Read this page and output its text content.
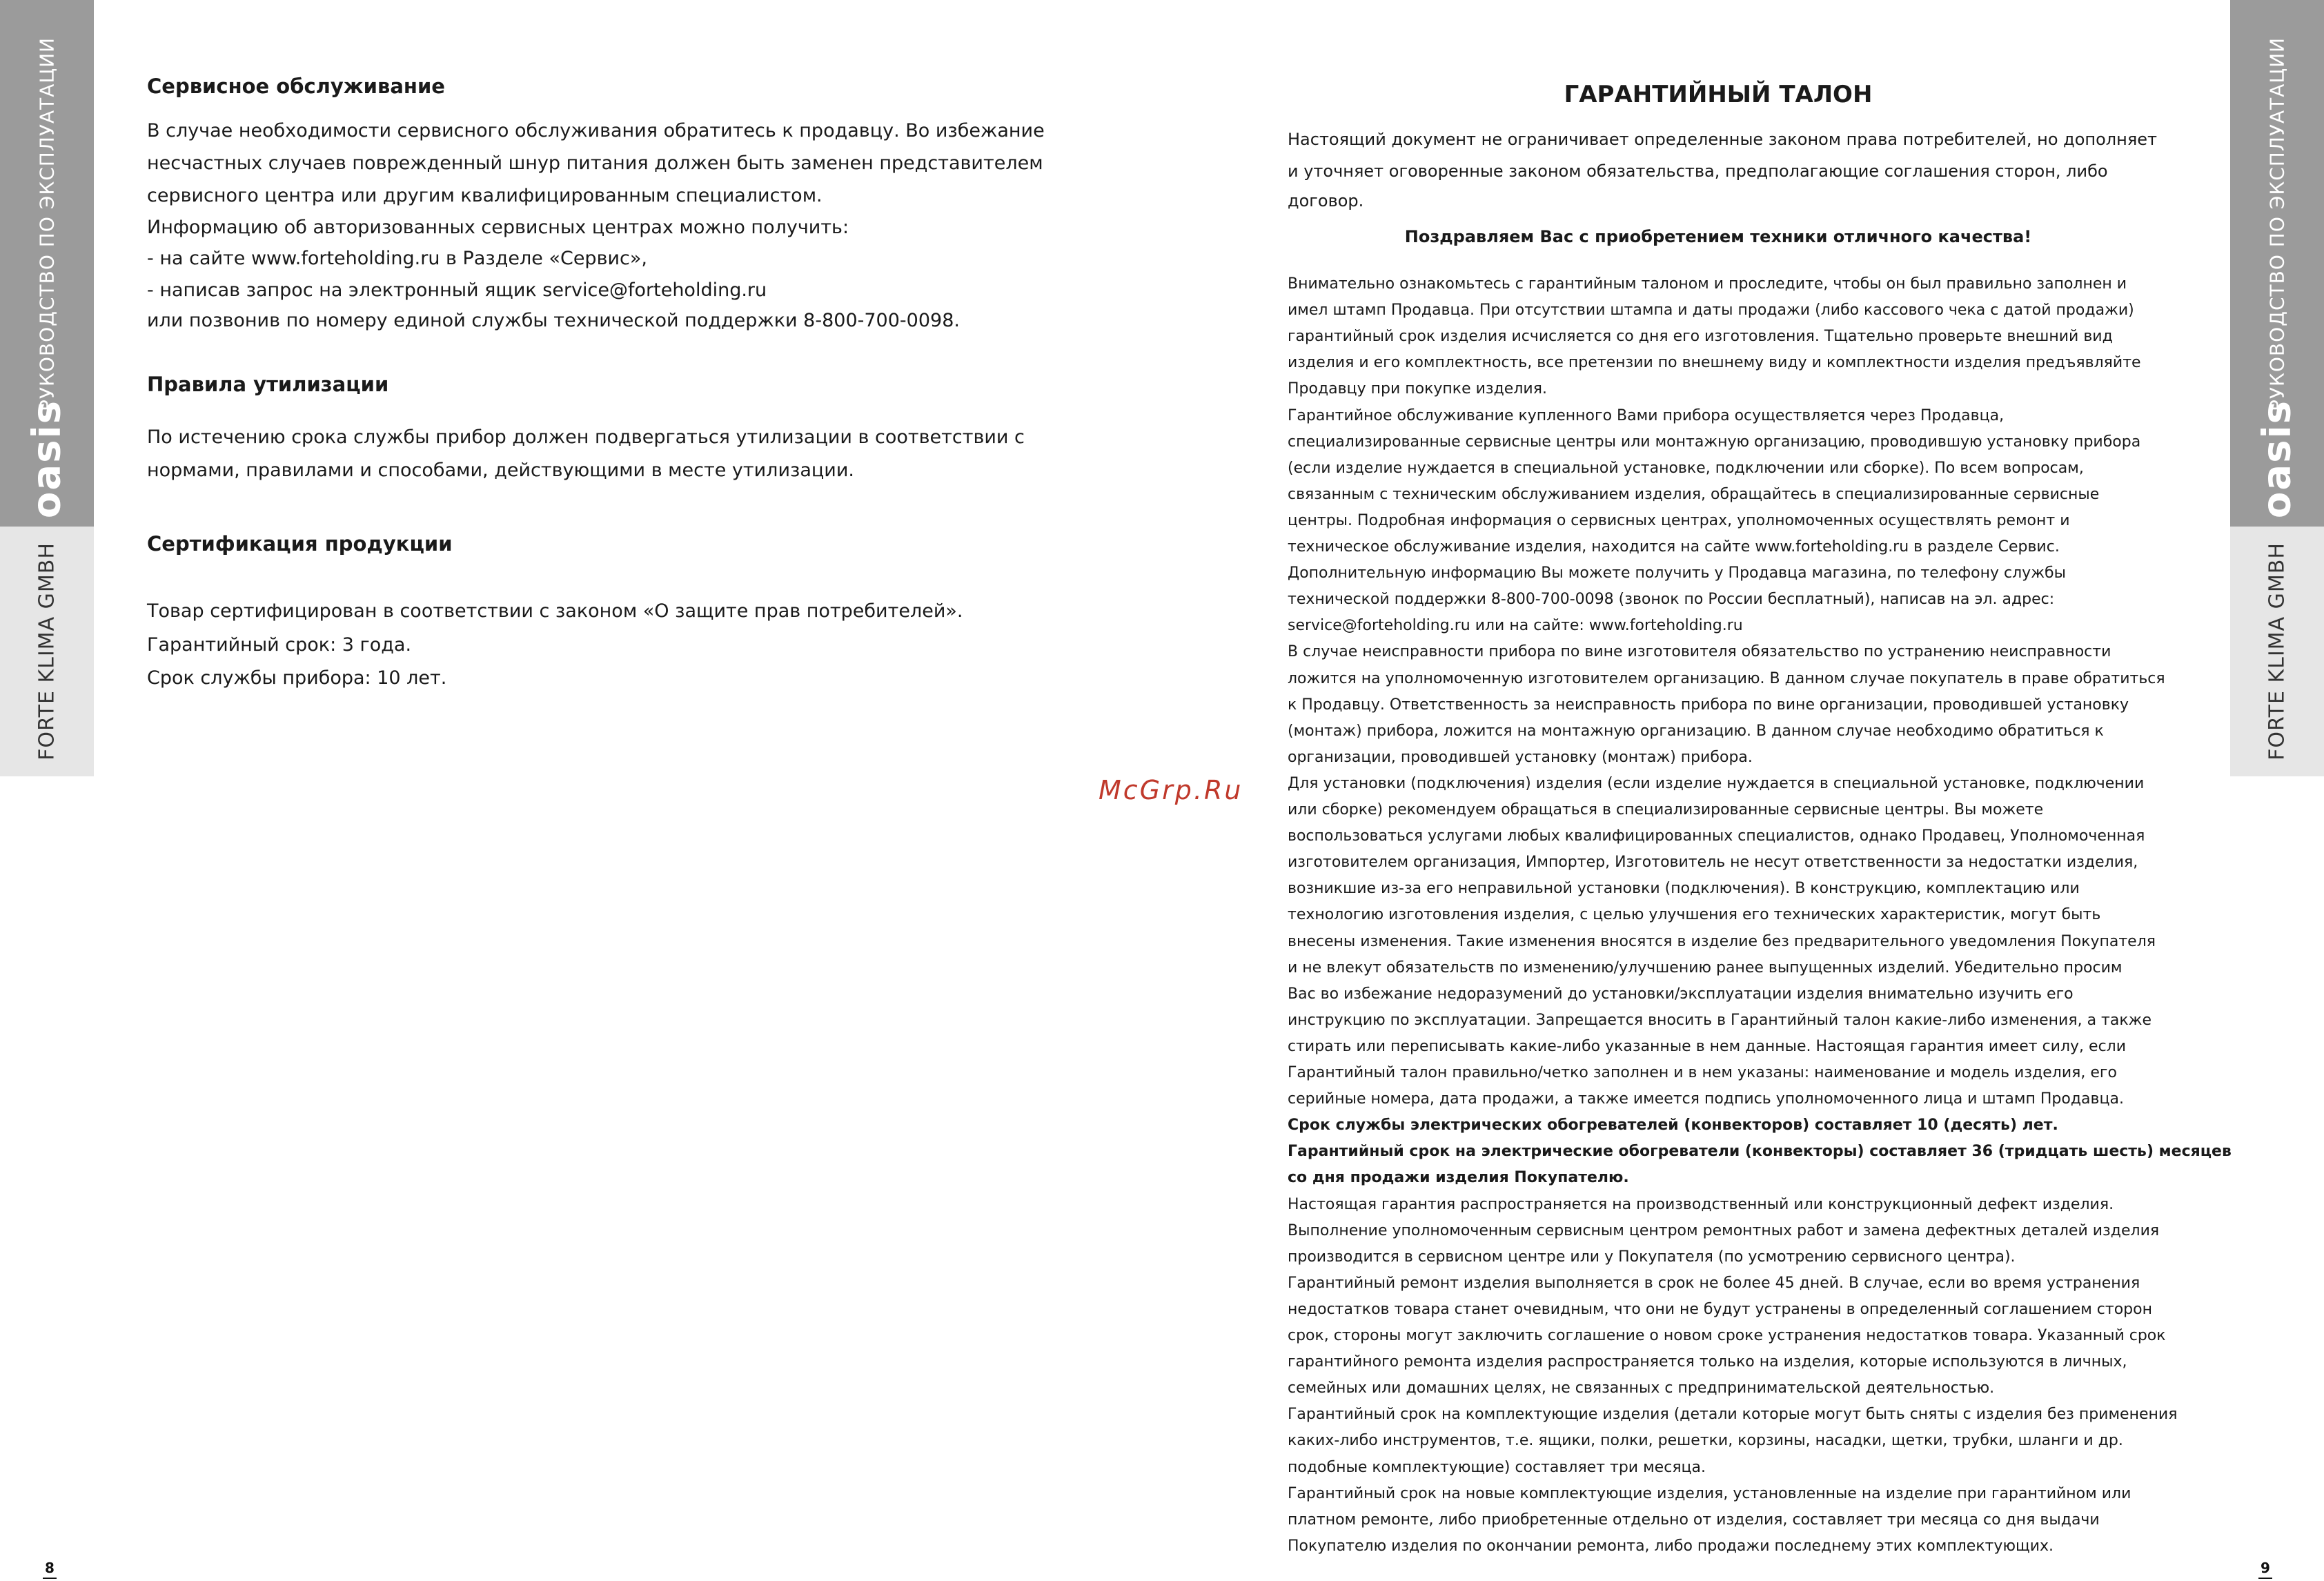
РУКОВОДСТВО ПО ЭКСПЛУАТАЦИИ
oasis
FORTE KLIMA GMBH
РУКОВОДСТВО ПО ЭКСПЛУАТАЦИИ
oasis
FORTE KLIMA GMBH
8	9
Сервисное обслуживание
В случае необходимости сервисного обслуживания обратитесь к продавцу. Во избежание
несчастных случаев поврежденный шнур питания должен быть заменен представителем
сервисного центра или другим квалифицированным специалистом.
Информацию об авторизованных сервисных центрах можно получить:
- на сайте www.forteholding.ru в Разделе «Сервис»,
- написав запрос на электронный ящик service@forteholding.ru
или позвонив по номеру единой службы технической поддержки 8-800-700-0098.
Правила утилизации
По истечению срока службы прибор должен подвергаться утилизации в соответствии с
нормами, правилами и способами, действующими в месте утилизации.
Сертификация продукции
Товар сертифицирован в соответствии с законом «О защите прав потребителей».
Гарантийный срок: 3 года.
Срок службы прибора: 10 лет.
McGrp.Ru
ГАРАНТИЙНЫЙ ТАЛОН
Настоящий документ не ограничивает определенные законом права потребителей, но дополняет
и уточняет оговоренные законом обязательства, предполагающие соглашения сторон, либо
договор.
Поздравляем Вас с приобретением техники отличного качества!
Внимательно ознакомьтесь с гарантийным талоном и проследите, чтобы он был правильно заполнен и
имел штамп Продавца. При отсутствии штампа и даты продажи (либо кассового чека с датой продажи)
гарантийный срок изделия исчисляется со дня его изготовления. Тщательно проверьте внешний вид
изделия и его комплектность, все претензии по внешнему виду и комплектности изделия предъявляйте
Продавцу при покупке изделия.
Гарантийное обслуживание купленного Вами прибора осуществляется через Продавца,
специализированные сервисные центры или монтажную организацию, проводившую установку прибора
(если изделие нуждается в специальной установке, подключении или сборке). По всем вопросам,
связанным с техническим обслуживанием изделия, обращайтесь в специализированные сервисные
центры. Подробная информация о сервисных центрах, уполномоченных осуществлять ремонт и
техническое обслуживание изделия, находится на сайте www.forteholding.ru в разделе Сервис.
Дополнительную информацию Вы можете получить у Продавца магазина, по телефону службы
технической поддержки 8-800-700-0098 (звонок по России бесплатный), написав на эл. адрес:
service@forteholding.ru или на сайте: www.forteholding.ru
В случае неисправности прибора по вине изготовителя обязательство по устранению неисправности
ложится на уполномоченную изготовителем организацию. В данном случае покупатель в праве обратиться
к Продавцу. Ответственность за неисправность прибора по вине организации, проводившей установку
(монтаж) прибора, ложится на монтажную организацию. В данном случае необходимо обратиться к
организации, проводившей установку (монтаж) прибора.
Для установки (подключения) изделия (если изделие нуждается в специальной установке, подключении
или сборке) рекомендуем обращаться в специализированные сервисные центры. Вы можете
воспользоваться услугами любых квалифицированных специалистов, однако Продавец, Уполномоченная
изготовителем организация, Импортер, Изготовитель не несут ответственности за недостатки изделия,
возникшие из-за его неправильной установки (подключения). В конструкцию, комплектацию или
технологию изготовления изделия, с целью улучшения его технических характеристик, могут быть
внесены изменения. Такие изменения вносятся в изделие без предварительного уведомления Покупателя
и не влекут обязательств по изменению/улучшению ранее выпущенных изделий. Убедительно просим
Вас во избежание недоразумений до установки/эксплуатации изделия внимательно изучить его
инструкцию по эксплуатации. Запрещается вносить в Гарантийный талон какие-либо изменения, а также
стирать или переписывать какие-либо указанные в нем данные. Настоящая гарантия имеет силу, если
Гарантийный талон правильно/четко заполнен и в нем указаны: наименование и модель изделия, его
серийные номера, дата продажи, а также имеется подпись уполномоченного лица и штамп Продавца.
Срок службы электрических обогревателей (конвекторов) составляет 10 (десять) лет.
Гарантийный срок на электрические обогреватели (конвекторы) составляет 36 (тридцать шесть) месяцев
со дня продажи изделия Покупателю.
Настоящая гарантия распространяется на производственный или конструкционный дефект изделия.
Выполнение уполномоченным сервисным центром ремонтных работ и замена дефектных деталей изделия
производится в сервисном центре или у Покупателя (по усмотрению сервисного центра).
Гарантийный ремонт изделия выполняется в срок не более 45 дней. В случае, если во время устранения
недостатков товара станет очевидным, что они не будут устранены в определенный соглашением сторон
срок, стороны могут заключить соглашение о новом сроке устранения недостатков товара. Указанный срок
гарантийного ремонта изделия распространяется только на изделия, которые используются в личных,
семейных или домашних целях, не связанных с предпринимательской деятельностью.
Гарантийный срок на комплектующие изделия (детали которые могут быть сняты с изделия без применения
каких-либо инструментов, т.е. ящики, полки, решетки, корзины, насадки, щетки, трубки, шланги и др.
подобные комплектующие) составляет три месяца.
Гарантийный срок на новые комплектующие изделия, установленные на изделие при гарантийном или
платном ремонте, либо приобретенные отдельно от изделия, составляет три месяца со дня выдачи
Покупателю изделия по окончании ремонта, либо продажи последнему этих комплектующих.
